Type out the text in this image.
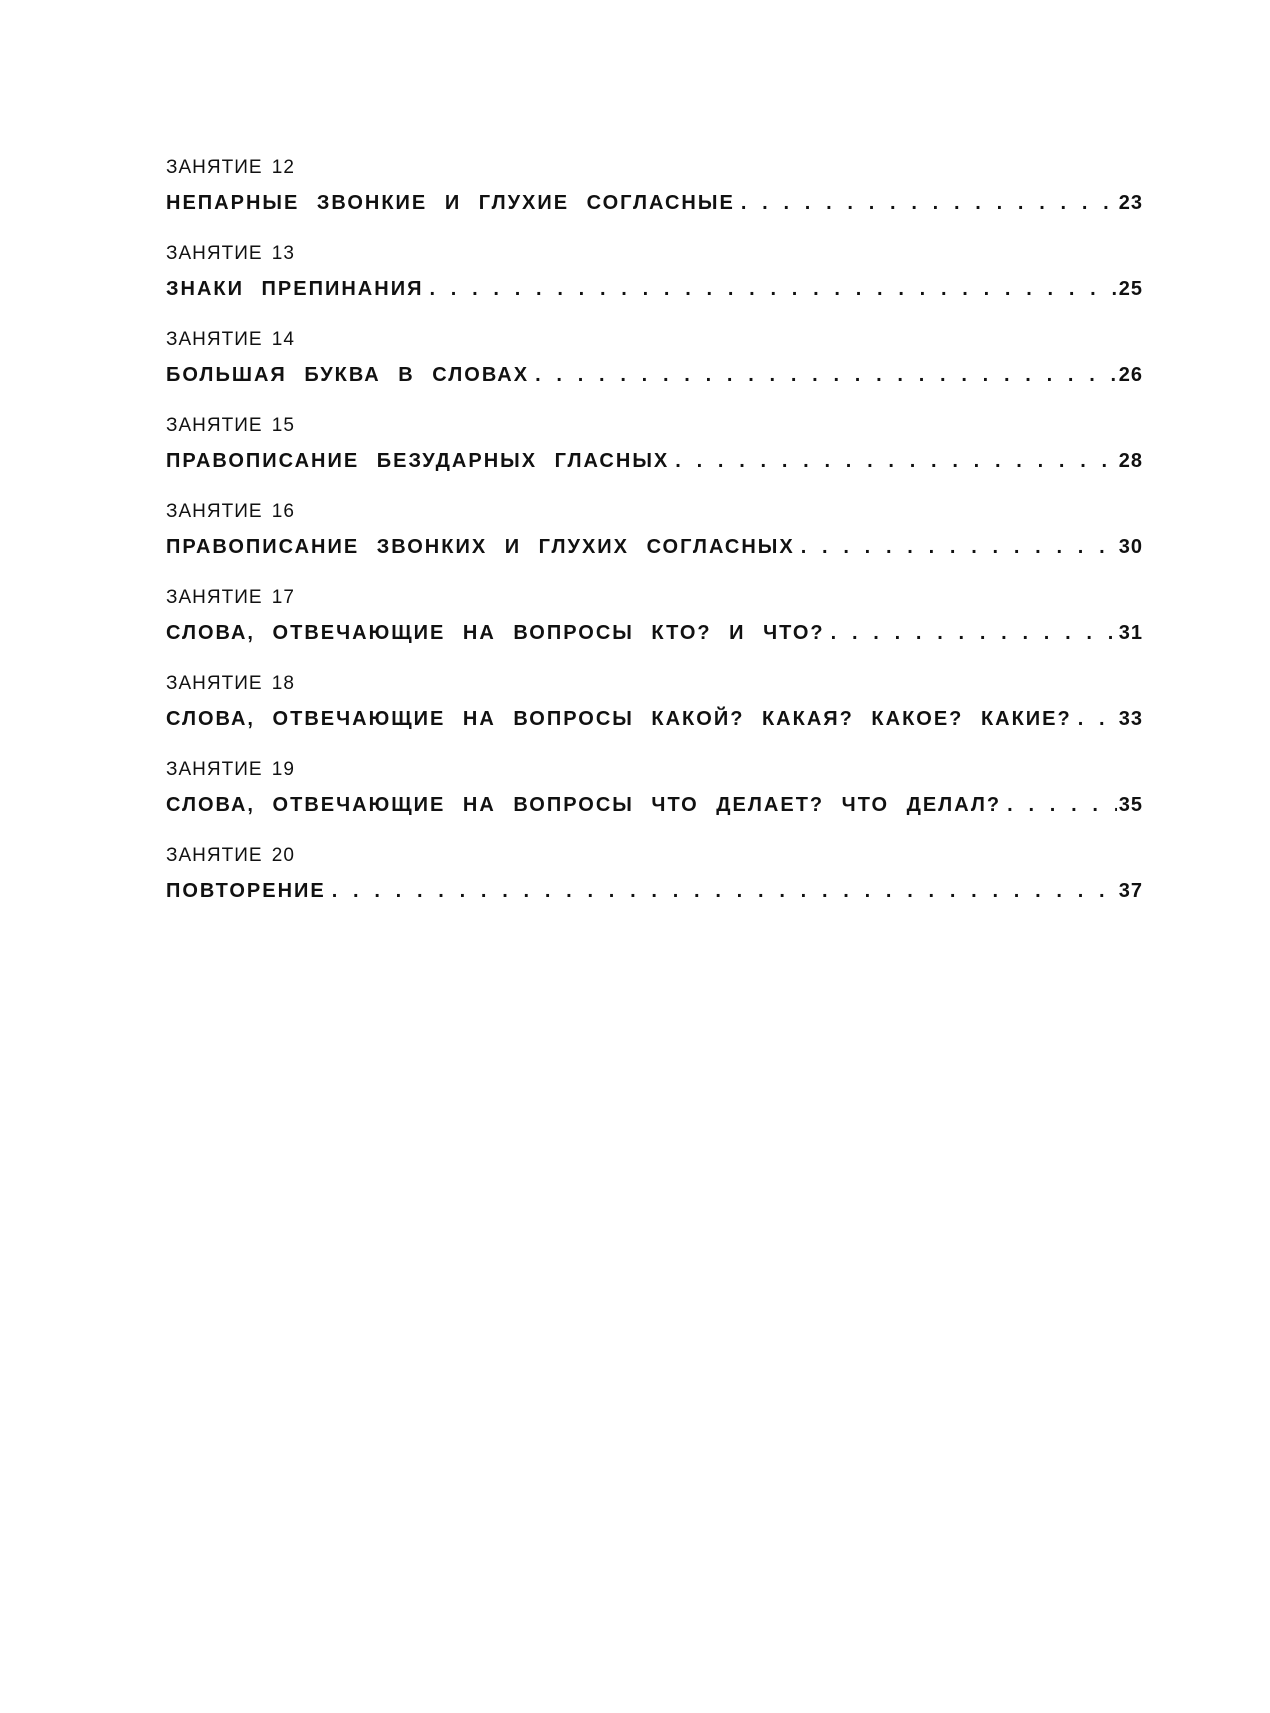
ЗАНЯТИЕ 12
НЕПАРНЫЕ ЗВОНКИЕ И ГЛУХИЕ СОГЛАСНЫЕ . . .	23
ЗАНЯТИЕ 13
ЗНАКИ ПРЕПИНАНИЯ . . .	25
ЗАНЯТИЕ 14
БОЛЬШАЯ БУКВА В СЛОВАХ . . .	26
ЗАНЯТИЕ 15
ПРАВОПИСАНИЕ БЕЗУДАРНЫХ ГЛАСНЫХ . . .	28
ЗАНЯТИЕ 16
ПРАВОПИСАНИЕ ЗВОНКИХ И ГЛУХИХ СОГЛАСНЫХ . . .	30
ЗАНЯТИЕ 17
СЛОВА, ОТВЕЧАЮЩИЕ НА ВОПРОСЫ КТО? И ЧТО? . . .	31
ЗАНЯТИЕ 18
СЛОВА, ОТВЕЧАЮЩИЕ НА ВОПРОСЫ КАКОЙ? КАКАЯ? КАКОЕ? КАКИЕ? . . . 33
ЗАНЯТИЕ 19
СЛОВА, ОТВЕЧАЮЩИЕ НА ВОПРОСЫ ЧТО ДЕЛАЕТ? ЧТО ДЕЛАЛ? . . .	35
ЗАНЯТИЕ 20
ПОВТОРЕНИЕ . . .	37
